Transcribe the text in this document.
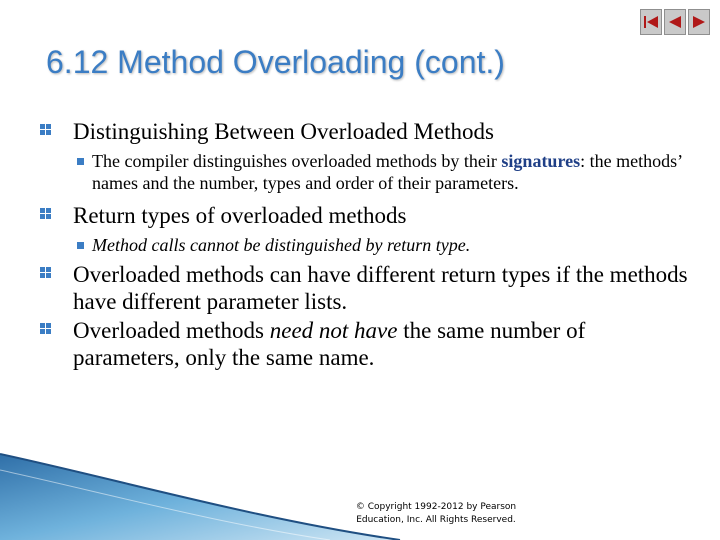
6.12 Method Overloading (cont.)
Distinguishing Between Overloaded Methods
The compiler distinguishes overloaded methods by their signatures: the methods’ names and the number, types and order of their parameters.
Return types of overloaded methods
Method calls cannot be distinguished by return type.
Overloaded methods can have different return types if the methods have different parameter lists.
Overloaded methods need not have the same number of parameters, only the same name.
© Copyright 1992-2012 by Pearson
Education, Inc. All Rights Reserved.
